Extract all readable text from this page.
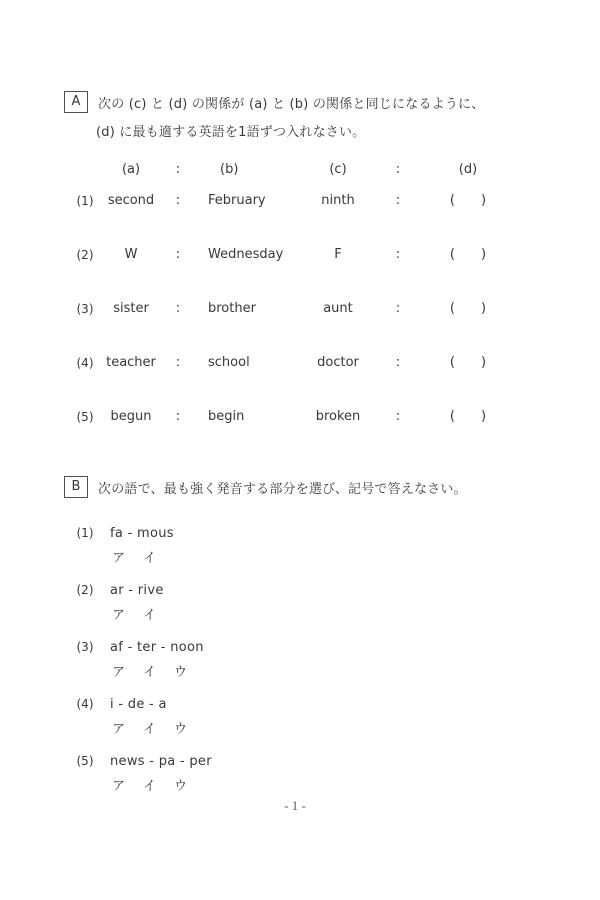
A	次の (c) と (d) の関係が (a) と (b) の関係と同じになるように、
(d) に最も適する英語を1語ずつ入れなさい。
(a)	:	(b)	(c)	:	(d)
(1)	second	:	February	ninth	:	( )
(2)	W	:	Wednesday	F	:	( )
(3)	sister	:	brother	aunt	:	( )
(4) teacher	:	school	doctor	:	( )
(5)	begun	:	begin	broken	:	( )
B	次の語で、最も強く発音する部分を選び、記号で答えなさい。
(1)	fa - mous
ア イ
(2)	ar - rive
ア イ
(3)	af - ter - noon
ア イ ウ
(4)	i - de - a
ア イ ウ
(5)	news - pa - per
ア イ ウ
- 1 -
